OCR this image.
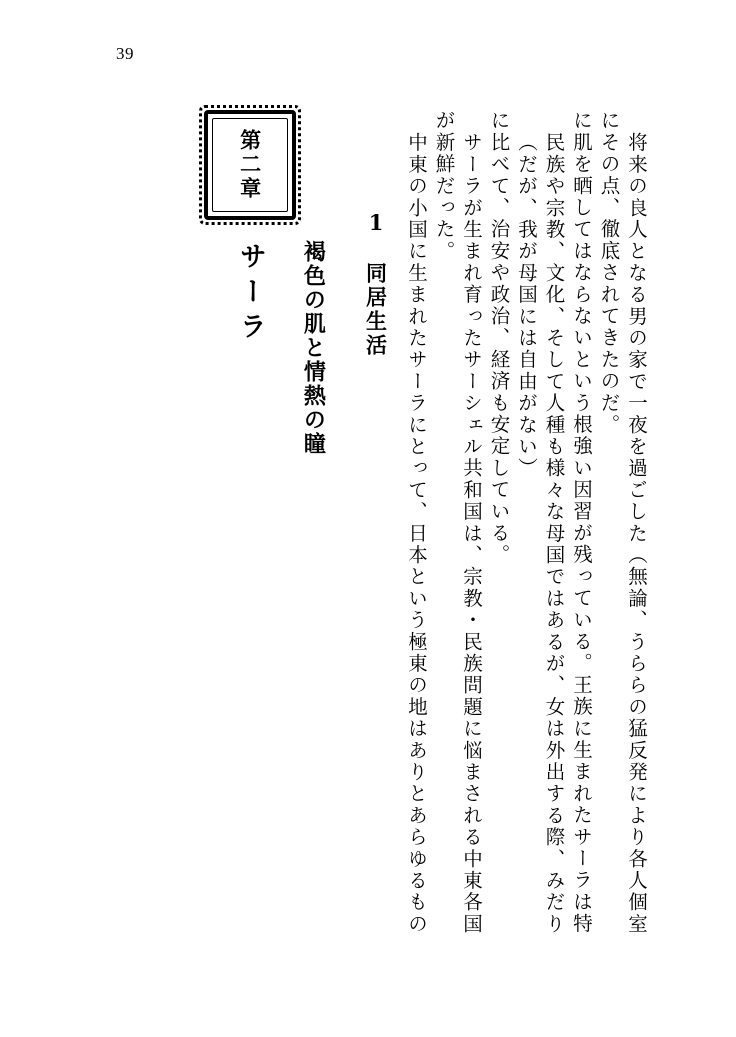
39
第二章
サーラ 褐色の肌と情熱の瞳 1　同居生活 中東の小国に生まれたサーラにとって、日本という極東の地はありとあらゆるもの が新鮮だった。 サーラが生まれ育ったサーシェル共和国は、宗教・民族問題に悩まされる中東各国 に比べて、治安や政治、経済も安定している。 （だが、我が母国には自由がない） 民族や宗教、文化、そして人種も様々な母国ではあるが、女は外出する際、みだり に肌を晒してはならないという根強い因習が残っている。王族に生まれたサーラは特 にその点、徹底されてきたのだ。 将来の良人となる男の家で一夜を過ごした（無論、うららの猛反発により各人個室
